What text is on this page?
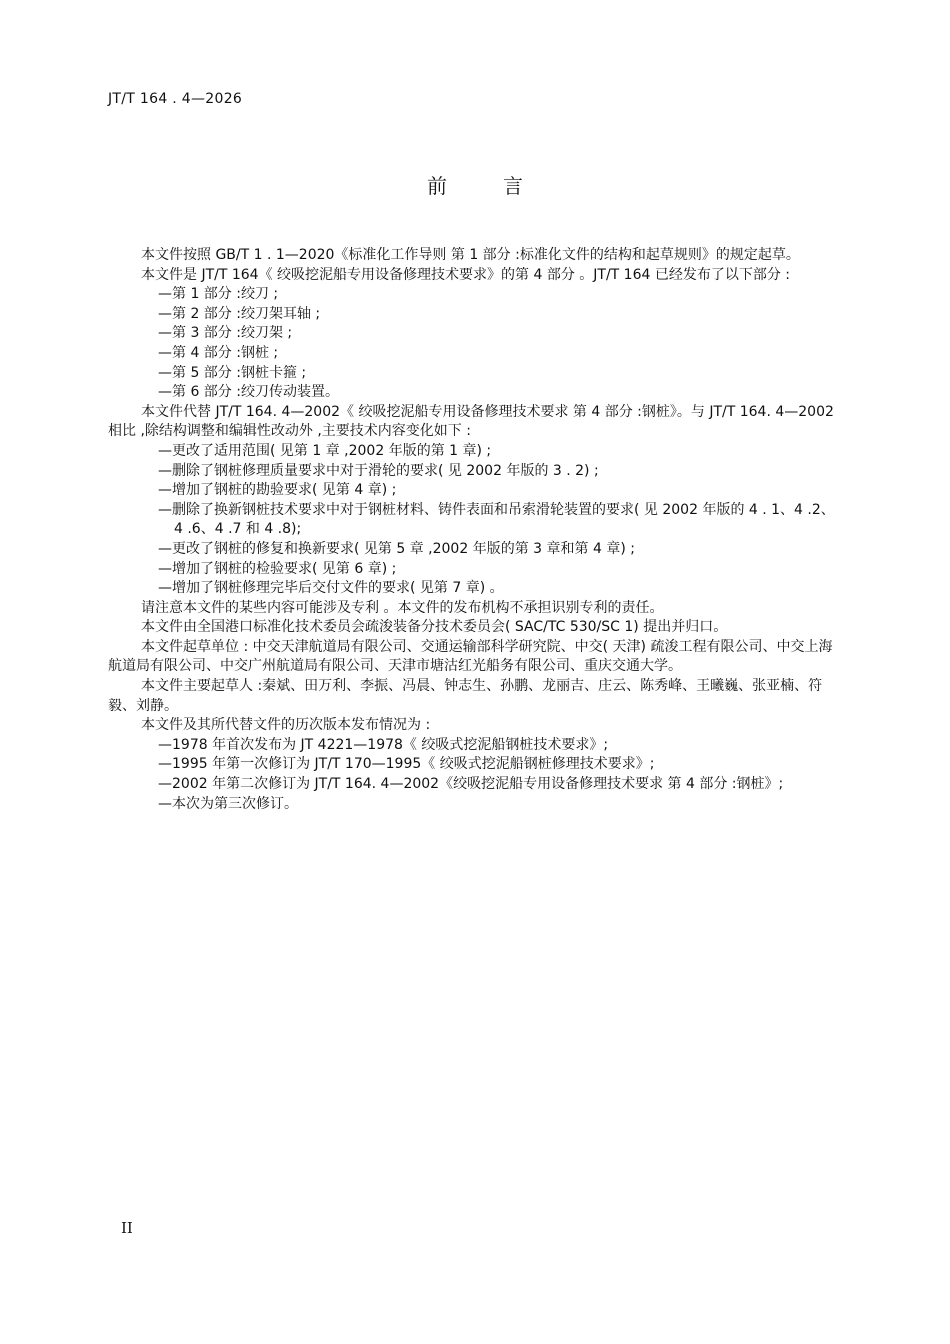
JT/T 164 . 4—2026
前言

本文件按照 GB/T 1 . 1—2020《标准化工作导则 第 1 部分 :标准化文件的结构和起草规则》的规定起草。

本文件是 JT/T 164《 绞吸挖泥船专用设备修理技术要求》的第 4 部分 。JT/T 164 已经发布了以下部分 :

—第 1 部分 :绞刀 ;

—第 2 部分 :绞刀架耳轴 ;

—第 3 部分 :绞刀架 ;

—第 4 部分 :钢桩 ;

—第 5 部分 :钢桩卡箍 ;

—第 6 部分 :绞刀传动装置。

本文件代替 JT/T 164. 4—2002《 绞吸挖泥船专用设备修理技术要求 第 4 部分 :钢桩》。与 JT/T 164. 4—2002 相比 ,除结构调整和编辑性改动外 ,主要技术内容变化如下 :

—更改了适用范围( 见第 1 章 ,2002 年版的第 1 章) ;

—删除了钢桩修理质量要求中对于滑轮的要求( 见 2002 年版的 3 . 2) ;

—增加了钢桩的勘验要求( 见第 4 章) ;

—删除了换新钢桩技术要求中对于钢桩材料、铸件表面和吊索滑轮装置的要求( 见 2002 年版的 4 . 1、4 .2、4 .6、4 .7 和 4 .8);

—更改了钢桩的修复和换新要求( 见第 5 章 ,2002 年版的第 3 章和第 4 章) ;

—增加了钢桩的检验要求( 见第 6 章) ;

—增加了钢桩修理完毕后交付文件的要求( 见第 7 章) 。

请注意本文件的某些内容可能涉及专利 。本文件的发布机构不承担识别专利的责任。

本文件由全国港口标准化技术委员会疏浚装备分技术委员会( SAC/TC 530/SC 1) 提出并归口。

本文件起草单位 : 中交天津航道局有限公司、交通运输部科学研究院、中交( 天津) 疏浚工程有限公司、中交上海航道局有限公司、中交广州航道局有限公司、天津市塘沽红光船务有限公司、重庆交通大学。

本文件主要起草人 :秦斌、田万利、李振、冯晨、钟志生、孙鹏、龙丽吉、庄云、陈秀峰、王曦巍、张亚楠、符毅、刘静。

本文件及其所代替文件的历次版本发布情况为 :

—1978 年首次发布为 JT 4221—1978《 绞吸式挖泥船钢桩技术要求》;

—1995 年第一次修订为 JT/T 170—1995《 绞吸式挖泥船钢桩修理技术要求》;

—2002 年第二次修订为 JT/T 164. 4—2002《绞吸挖泥船专用设备修理技术要求 第 4 部分 :钢桩》;

—本次为第三次修订。

II
